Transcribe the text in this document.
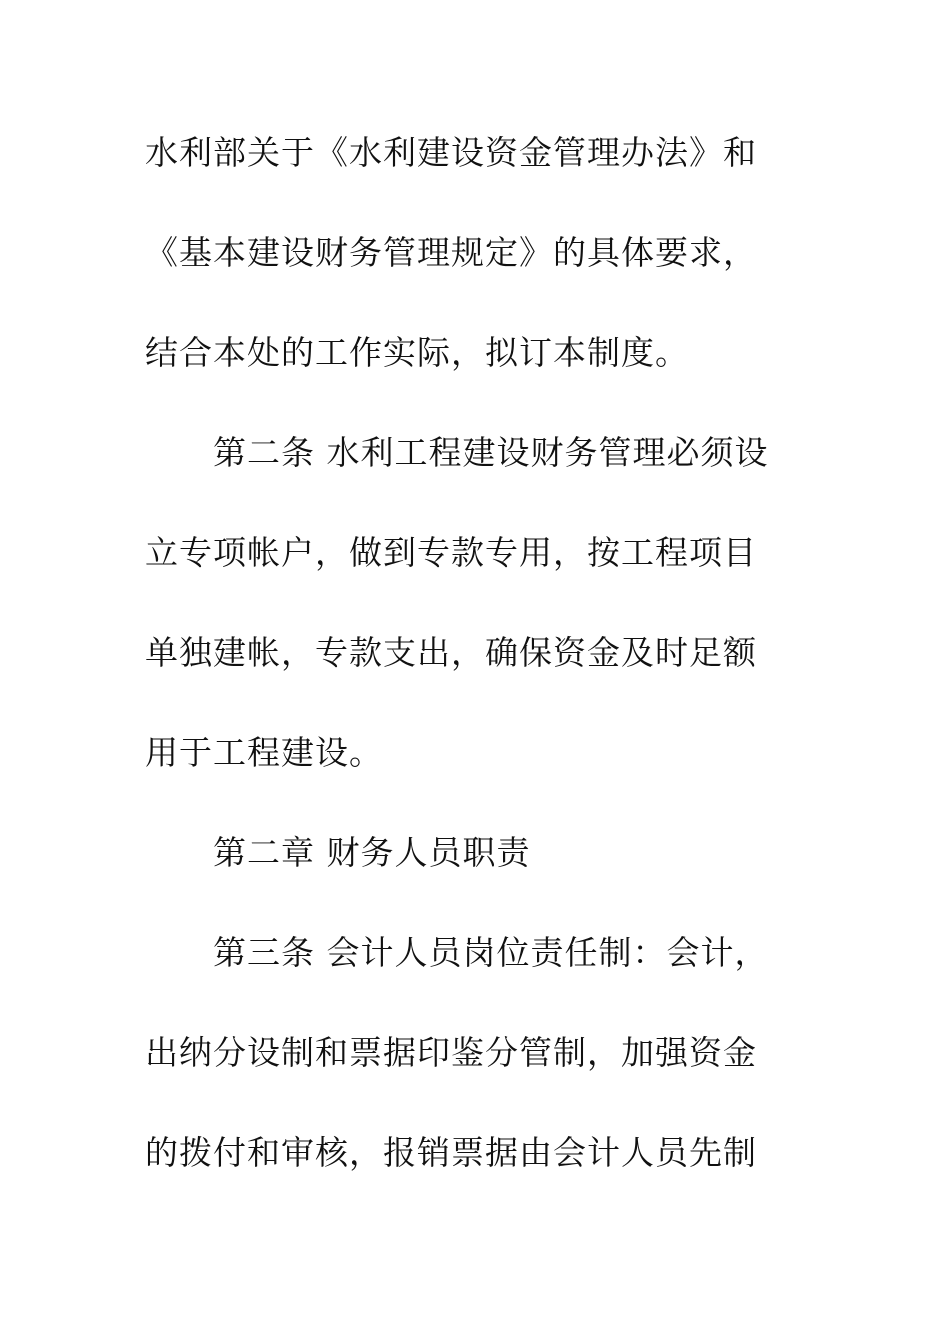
水利部关于《水利建设资金管理办法》和

《基本建设财务管理规定》的具体要求，

结合本处的工作实际，拟订本制度。

第二条 水利工程建设财务管理必须设

立专项帐户，做到专款专用，按工程项目

单独建帐，专款支出，确保资金及时足额

用于工程建设。

第二章 财务人员职责

第三条 会计人员岗位责任制：会计，

出纳分设制和票据印鉴分管制，加强资金

的拨付和审核，报销票据由会计人员先制
